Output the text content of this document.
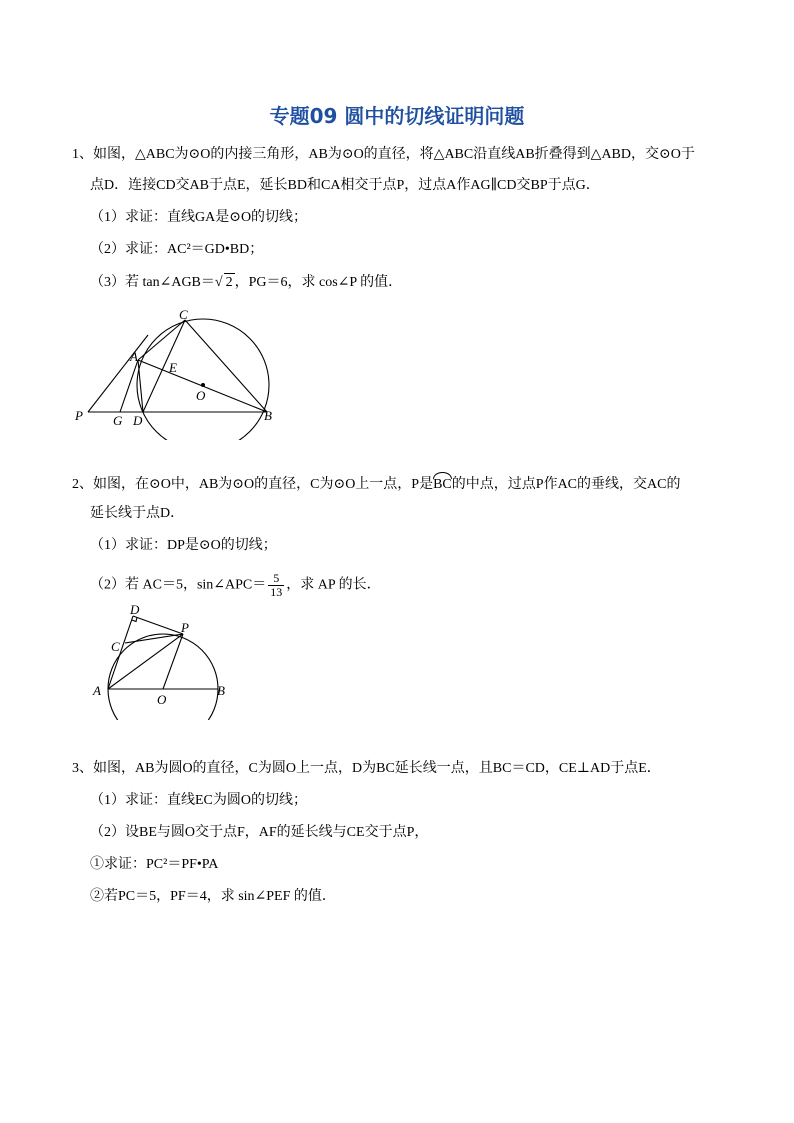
专题09 圆中的切线证明问题
1、如图，△ABC为⊙O的内接三角形，AB为⊙O的直径，将△ABC沿直线AB折叠得到△ABD，交⊙O于
点D．连接CD交AB于点E，延长BD和CA相交于点P，过点A作AG∥CD交BP于点G．
（1）求证：直线GA是⊙O的切线；
（2）求证：AC²＝GD•BD；
（3）若 tan∠AGB＝√ 2 ，PG＝6，求 cos∠P 的值．
C
A
E
O
P G D	B
2、如图，在⊙O中，AB为⊙O的直径，C为⊙O上一点，P是BC的中点，过点P作AC的垂线，交AC的
延长线于点D．
（1）求证：DP是⊙O的切线；
（2）若 AC＝5，sin∠APC＝ $\frac{5}{13}$ ，求 AP 的长．
D
P
C
A
O
B
3、如图，AB为圆O的直径，C为圆O上一点，D为BC延长线一点，且BC＝CD，CE⊥AD于点E．
（1）求证：直线EC为圆O的切线；
（2）设BE与圆O交于点F，AF的延长线与CE交于点P，
①求证：PC²＝PF•PA
②若PC＝5，PF＝4，求 sin∠PEF 的值．
